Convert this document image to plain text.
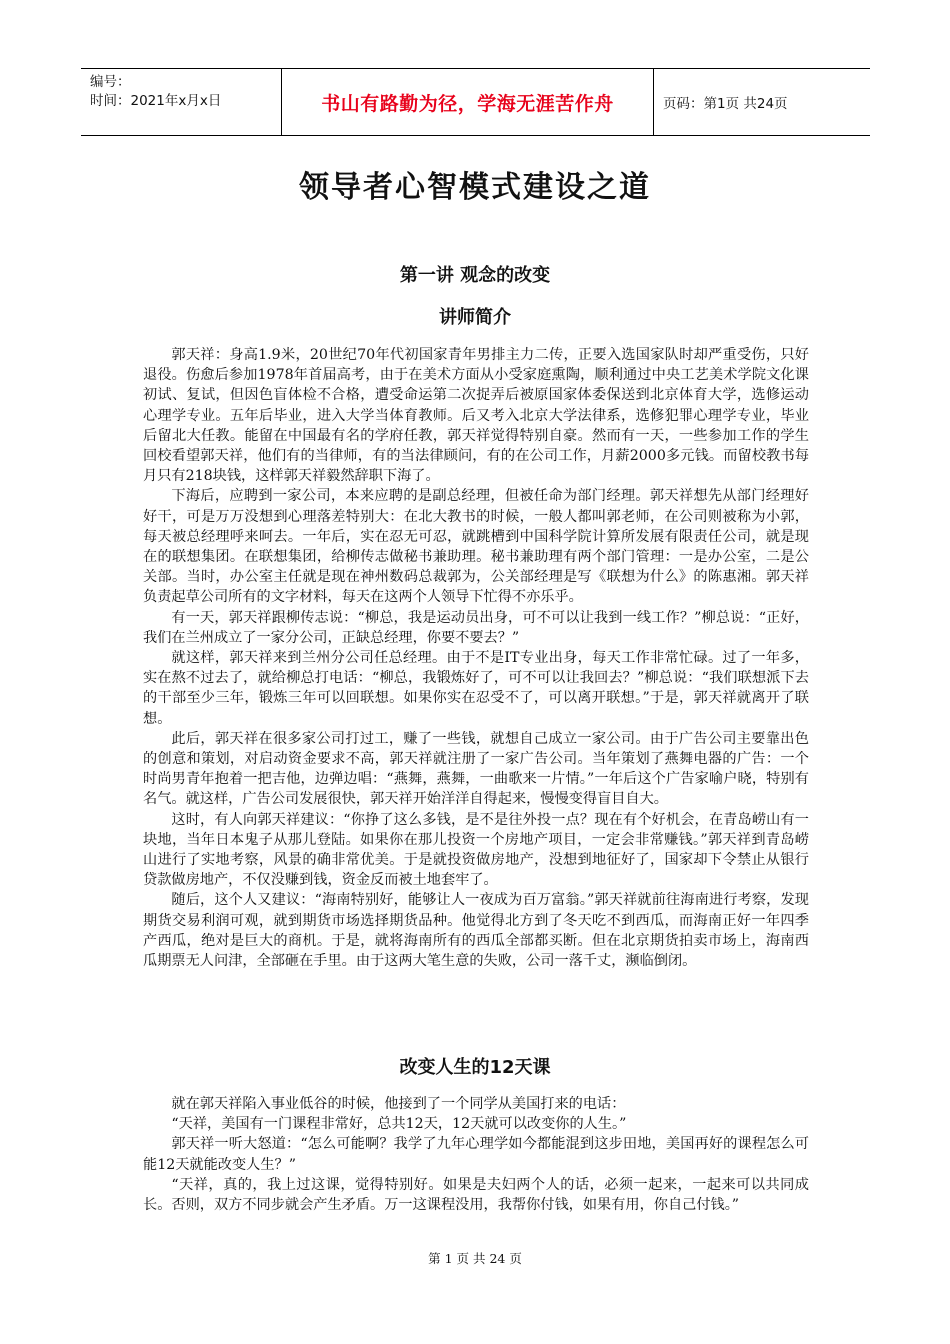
编号：
时间：2021年x月x日	书山有路勤为径，学海无涯苦作舟	页码：第1页 共24页
领导者心智模式建设之道
第一讲 观念的改变
讲师简介

郭天祥：身高1.9米，20世纪70年代初国家青年男排主力二传，正要入选国家队时却严重受伤，只好退役。伤愈后参加1978年首届高考，由于在美术方面从小受家庭熏陶，顺利通过中央工艺美术学院文化课初试、复试，但因色盲体检不合格，遭受命运第二次捉弄后被原国家体委保送到北京体育大学，选修运动心理学专业。五年后毕业，进入大学当体育教师。后又考入北京大学法律系，选修犯罪心理学专业，毕业后留北大任教。能留在中国最有名的学府任教，郭天祥觉得特别自豪。然而有一天，一些参加工作的学生回校看望郭天祥，他们有的当律师，有的当法律顾问，有的在公司工作，月薪2000多元钱。而留校教书每月只有218块钱，这样郭天祥毅然辞职下海了。

下海后，应聘到一家公司，本来应聘的是副总经理，但被任命为部门经理。郭天祥想先从部门经理好好干，可是万万没想到心理落差特别大：在北大教书的时候，一般人都叫郭老师，在公司则被称为小郭，每天被总经理呼来呵去。一年后，实在忍无可忍，就跳槽到中国科学院计算所发展有限责任公司，就是现在的联想集团。在联想集团，给柳传志做秘书兼助理。秘书兼助理有两个部门管理：一是办公室，二是公关部。当时，办公室主任就是现在神州数码总裁郭为，公关部经理是写《联想为什么》的陈惠湘。郭天祥负责起草公司所有的文字材料，每天在这两个人领导下忙得不亦乐乎。

有一天，郭天祥跟柳传志说：“柳总，我是运动员出身，可不可以让我到一线工作？”柳总说：“正好，我们在兰州成立了一家分公司，正缺总经理，你要不要去？”

就这样，郭天祥来到兰州分公司任总经理。由于不是IT专业出身，每天工作非常忙碌。过了一年多，实在熬不过去了，就给柳总打电话：“柳总，我锻炼好了，可不可以让我回去？”柳总说：“我们联想派下去的干部至少三年，锻炼三年可以回联想。如果你实在忍受不了，可以离开联想。”于是，郭天祥就离开了联想。

此后，郭天祥在很多家公司打过工，赚了一些钱，就想自己成立一家公司。由于广告公司主要靠出色的创意和策划，对启动资金要求不高，郭天祥就注册了一家广告公司。当年策划了燕舞电器的广告：一个时尚男青年抱着一把吉他，边弹边唱：“燕舞，燕舞，一曲歌来一片情。”一年后这个广告家喻户晓，特别有名气。就这样，广告公司发展很快，郭天祥开始洋洋自得起来，慢慢变得盲目自大。

这时，有人向郭天祥建议：“你挣了这么多钱，是不是往外投一点？现在有个好机会，在青岛崂山有一块地，当年日本鬼子从那儿登陆。如果你在那儿投资一个房地产项目，一定会非常赚钱。”郭天祥到青岛崂山进行了实地考察，风景的确非常优美。于是就投资做房地产，没想到地征好了，国家却下令禁止从银行贷款做房地产，不仅没赚到钱，资金反而被土地套牢了。

随后，这个人又建议：“海南特别好，能够让人一夜成为百万富翁。”郭天祥就前往海南进行考察，发现期货交易利润可观，就到期货市场选择期货品种。他觉得北方到了冬天吃不到西瓜，而海南正好一年四季产西瓜，绝对是巨大的商机。于是，就将海南所有的西瓜全部都买断。但在北京期货拍卖市场上，海南西瓜期票无人问津，全部砸在手里。由于这两大笔生意的失败，公司一落千丈，濒临倒闭。

改变人生的12天课

就在郭天祥陷入事业低谷的时候，他接到了一个同学从美国打来的电话：

“天祥，美国有一门课程非常好，总共12天，12天就可以改变你的人生。”

郭天祥一听大怒道：“怎么可能啊？我学了九年心理学如今都能混到这步田地，美国再好的课程怎么可能12天就能改变人生？”

“天祥，真的，我上过这课，觉得特别好。如果是夫妇两个人的话，必须一起来，一起来可以共同成长。否则，双方不同步就会产生矛盾。万一这课程没用，我帮你付钱，如果有用，你自己付钱。”

第 1 页 共 24 页
